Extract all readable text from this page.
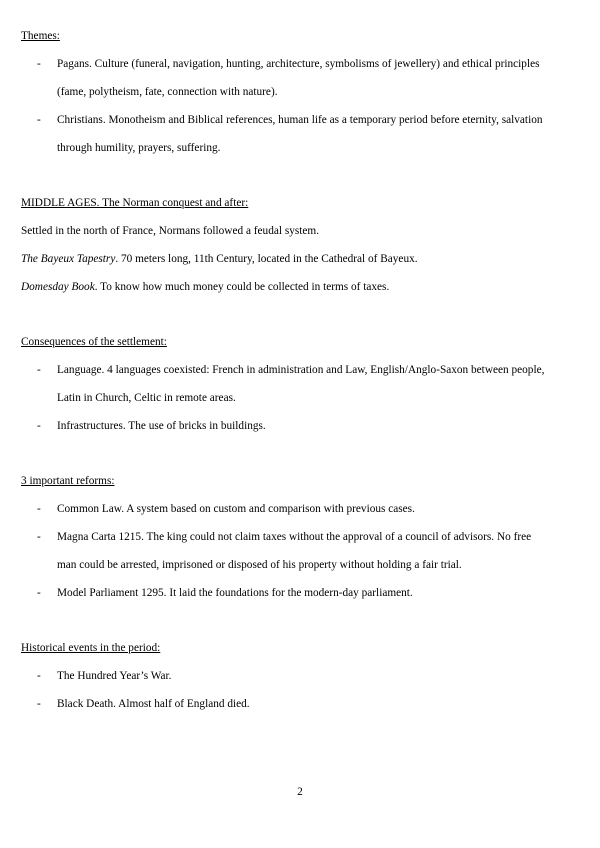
Themes:
- Pagans. Culture (funeral, navigation, hunting, architecture, symbolisms of jewellery) and ethical principles
(fame, polytheism, fate, connection with nature).
- Christians. Monotheism and Biblical references, human life as a temporary period before eternity, salvation
through humility, prayers, suffering.
MIDDLE AGES. The Norman conquest and after:
Settled in the north of France, Normans followed a feudal system.
The Bayeux Tapestry. 70 meters long, 11th Century, located in the Cathedral of Bayeux.
Domesday Book. To know how much money could be collected in terms of taxes.
Consequences of the settlement:
- Language. 4 languages coexisted: French in administration and Law, English/Anglo-Saxon between people,
Latin in Church, Celtic in remote areas.
- Infrastructures. The use of bricks in buildings.
3 important reforms:
- Common Law. A system based on custom and comparison with previous cases.
- Magna Carta 1215. The king could not claim taxes without the approval of a council of advisors. No free
man could be arrested, imprisoned or disposed of his property without holding a fair trial.
- Model Parliament 1295. It laid the foundations for the modern-day parliament.
Historical events in the period:
- The Hundred Year’s War.
- Black Death. Almost half of England died.
2
